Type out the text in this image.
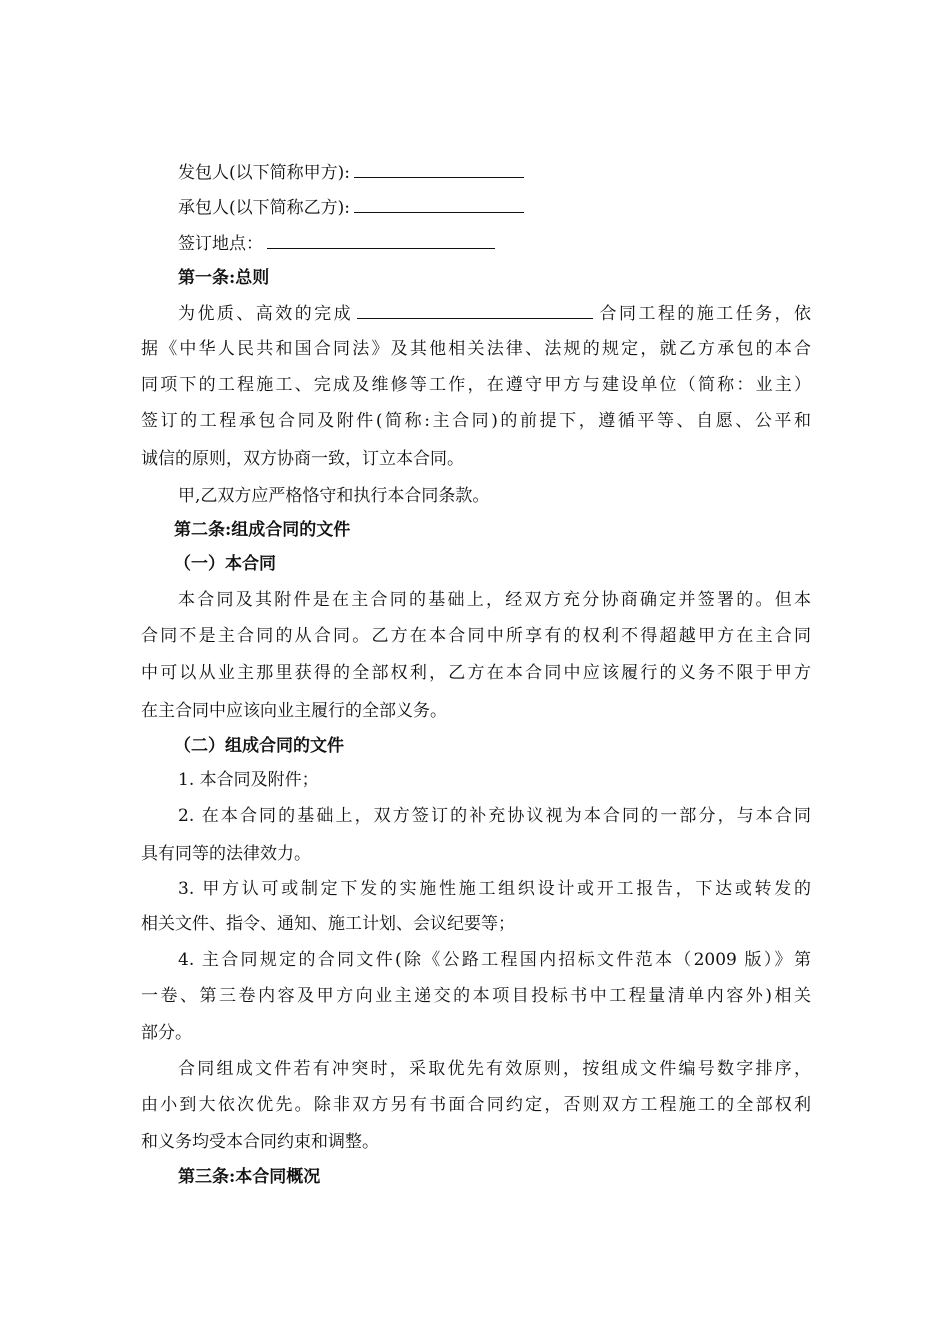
发包人(以下简称甲方):
承包人(以下简称乙方):
签订地点：
第一条:总则
为优质、高效的完成	合同工程的施工任务，依
据《中华人民共和国合同法》及其他相关法律、法规的规定，就乙方承包的本合
同项下的工程施工、完成及维修等工作，在遵守甲方与建设单位（简称：业主）
签订的工程承包合同及附件(简称:主合同)的前提下，遵循平等、自愿、公平和
诚信的原则，双方协商一致，订立本合同。
甲,乙双方应严格恪守和执行本合同条款。
第二条:组成合同的文件
（一）本合同
本合同及其附件是在主合同的基础上，经双方充分协商确定并签署的。但本
合同不是主合同的从合同。乙方在本合同中所享有的权利不得超越甲方在主合同
中可以从业主那里获得的全部权利，乙方在本合同中应该履行的义务不限于甲方
在主合同中应该向业主履行的全部义务。
（二）组成合同的文件
1. 本合同及附件；
2. 在本合同的基础上，双方签订的补充协议视为本合同的一部分，与本合同
具有同等的法律效力。
3. 甲方认可或制定下发的实施性施工组织设计或开工报告，下达或转发的
相关文件、指令、通知、施工计划、会议纪要等；
4. 主合同规定的合同文件(除《公路工程国内招标文件范本（2009 版）》第
一卷、第三卷内容及甲方向业主递交的本项目投标书中工程量清单内容外)相关
部分。
合同组成文件若有冲突时，采取优先有效原则，按组成文件编号数字排序，
由小到大依次优先。除非双方另有书面合同约定，否则双方工程施工的全部权利
和义务均受本合同约束和调整。
第三条:本合同概况
